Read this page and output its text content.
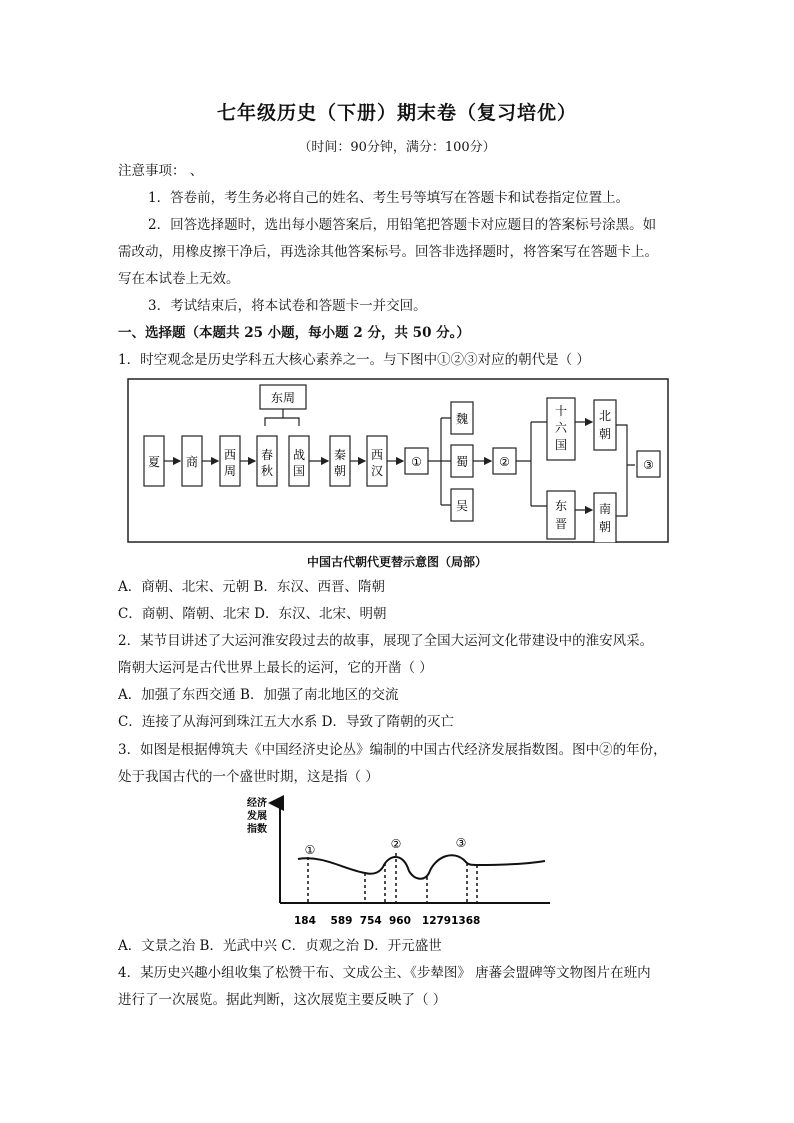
七年级历史（下册）期末卷（复习培优）
（时间：90分钟，满分：100分）
注意事项： 、
1．答卷前，考生务必将自己的姓名、考生号等填写在答题卡和试卷指定位置上。
2．回答选择题时，选出每小题答案后，用铅笔把答题卡对应题目的答案标号涂黑。如
需改动，用橡皮擦干净后，再选涂其他答案标号。回答非选择题时，将答案写在答题卡上。
写在本试卷上无效。
3．考试结束后，将本试卷和答题卡一并交回。
一、选择题（本题共 25 小题，每小题 2 分，共 50 分。）
1．时空观念是历史学科五大核心素养之一。与下图中①②③对应的朝代是（ ）
东周
夏 商 西
周
春
秋
战
国
秦
朝
西
汉
①
魏
蜀
吴
②
十
六
国
东
晋
北
朝
南
朝
③
中国古代朝代更替示意图（局部）
A．商朝、北宋、元朝 B．东汉、西晋、隋朝
C．商朝、隋朝、北宋 D．东汉、北宋、明朝
2．某节目讲述了大运河淮安段过去的故事，展现了全国大运河文化带建设中的淮安风采。
隋朝大运河是古代世界上最长的运河，它的开凿（ ）
A．加强了东西交通 B．加强了南北地区的交流
C．连接了从海河到珠江五大水系 D．导致了隋朝的灭亡
3．如图是根据傅筑夫《中国经济史论丛》编制的中国古代经济发展指数图。图中②的年份，
处于我国古代的一个盛世时期，这是指（ ）
经济
发展
指数
①	②	③
184    589  754  960   12791368
A．文景之治 B．光武中兴 C．贞观之治 D．开元盛世
4．某历史兴趣小组收集了松赞干布、文成公主、《步辇图》 唐蕃会盟碑等文物图片在班内
进行了一次展览。据此判断，这次展览主要反映了（ ）
